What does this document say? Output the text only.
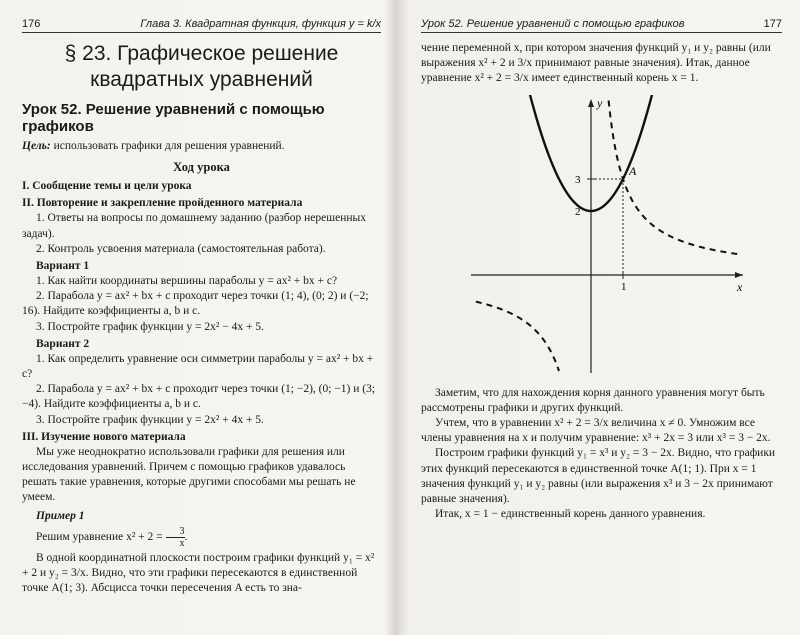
176	Глава 3. Квадратная функция, функция y = k/x
§ 23. Графическое решение
квадратных уравнений
Урок 52. Решение уравнений с помощью графиков

Цель: использовать графики для решения уравнений.

Ход урока

I. Сообщение темы и цели урока

II. Повторение и закрепление пройденного материала

1. Ответы на вопросы по домашнему заданию (разбор нерешенных задач).

2. Контроль усвоения материала (самостоятельная работа).

Вариант 1

1. Как найти координаты вершины параболы y = ax² + bx + c?

2. Парабола y = ax² + bx + c проходит через точки (1; 4), (0; 2) и (−2; 16). Найдите коэффициенты a, b и c.

3. Постройте график функции y = 2x² − 4x + 5.

Вариант 2

1. Как определить уравнение оси симметрии параболы y = ax² + bx + c?

2. Парабола y = ax² + bx + c проходит через точки (1; −2), (0; −1) и (3; −4). Найдите коэффициенты a, b и c.

3. Постройте график функции y = 2x² + 4x + 5.

III. Изучение нового материала

Мы уже неоднократно использовали графики для решения или исследования уравнений. Причем с помощью графиков удавалось решать такие уравнения, которые другими способами мы решать не умеем.

Пример 1

Решим уравнение $x^2 + 2 = \frac{3}{x}$ .

В одной координатной плоскости построим графики функций y₁ = x² + 2 и y₂ = 3/x. Видно, что эти графики пересекаются в единственной точке A(1; 3). Абсцисса точки пересечения A есть то зна-

Урок 52. Решение уравнений с помощью графиков	177

чение переменной x, при котором значения функций y₁ и y₂ равны (или выражения x² + 2 и 3/x принимают равные значения). Итак, данное уравнение x² + 2 = 3/x имеет единственный корень x = 1.

y
x
3
2
1
A

Заметим, что для нахождения корня данного уравнения могут быть рассмотрены графики и других функций.

Учтем, что в уравнении x² + 2 = 3/x величина x ≠ 0. Умножим все члены уравнения на x и получим уравнение: x³ + 2x = 3 или x³ = 3 − 2x.

Построим графики функций y₁ = x³ и y₂ = 3 − 2x. Видно, что графики этих функций пересекаются в единственной точке A(1; 1). При x = 1 значения функций y₁ и y₂ равны (или выражения x³ и 3 − 2x принимают равные значения).

Итак, x = 1 − единственный корень данного уравнения.
